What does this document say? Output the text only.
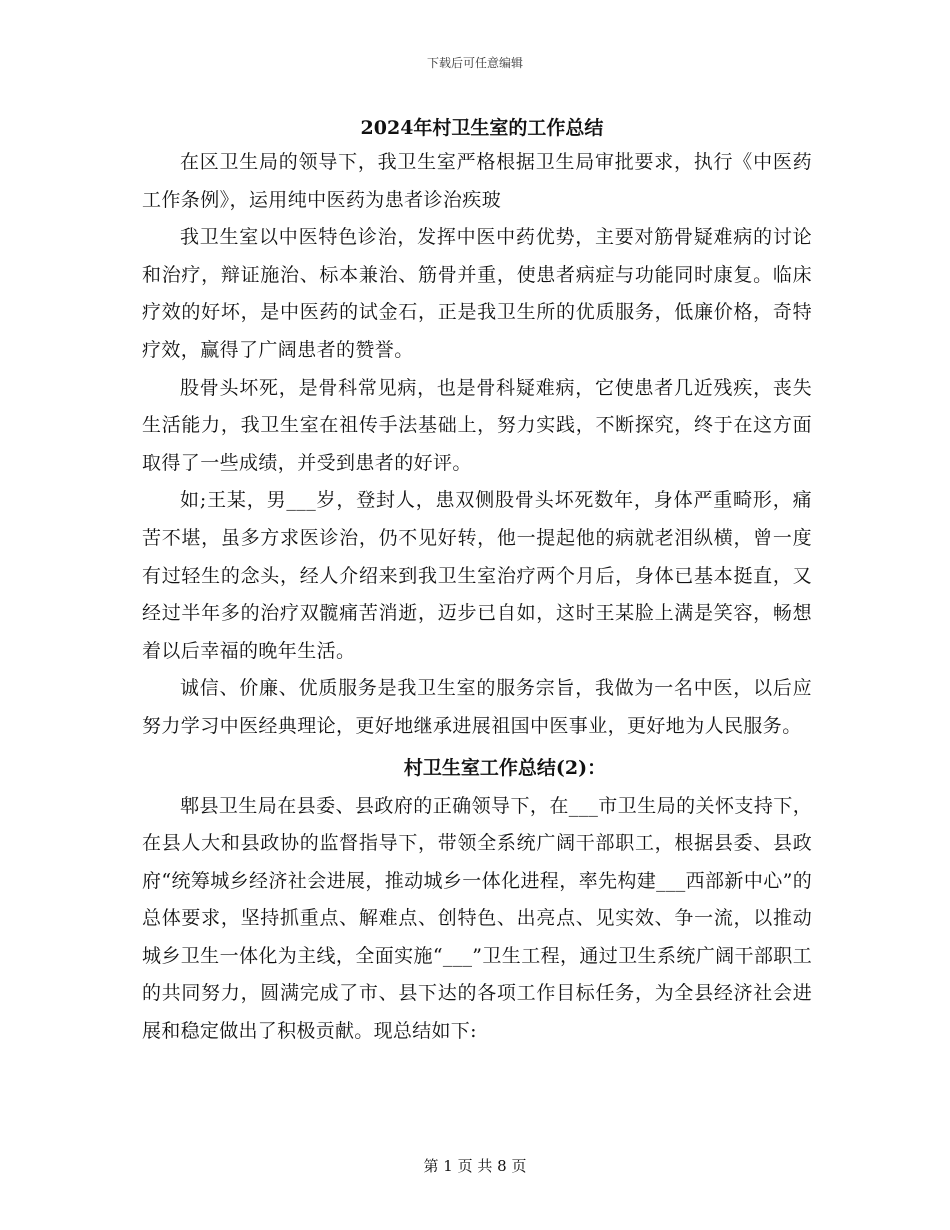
下载后可任意编辑
2024年村卫生室的工作总结

在区卫生局的领导下，我卫生室严格根据卫生局审批要求，执行《中医药工作条例》，运用纯中医药为患者诊治疾玻

我卫生室以中医特色诊治，发挥中医中药优势，主要对筋骨疑难病的讨论和治疗，辩证施治、标本兼治、筋骨并重，使患者病症与功能同时康复。临床疗效的好坏，是中医药的试金石，正是我卫生所的优质服务，低廉价格，奇特疗效，赢得了广阔患者的赞誉。

股骨头坏死，是骨科常见病，也是骨科疑难病，它使患者几近残疾，丧失生活能力，我卫生室在祖传手法基础上，努力实践，不断探究，终于在这方面取得了一些成绩，并受到患者的好评。

如;王某，男___岁，登封人，患双侧股骨头坏死数年，身体严重畸形，痛苦不堪，虽多方求医诊治，仍不见好转，他一提起他的病就老泪纵横，曾一度有过轻生的念头，经人介绍来到我卫生室治疗两个月后，身体已基本挺直，又经过半年多的治疗双髋痛苦消逝，迈步已自如，这时王某脸上满是笑容，畅想着以后幸福的晚年生活。

诚信、价廉、优质服务是我卫生室的服务宗旨，我做为一名中医，以后应努力学习中医经典理论，更好地继承进展祖国中医事业，更好地为人民服务。

村卫生室工作总结(2)：

郫县卫生局在县委、县政府的正确领导下，在___市卫生局的关怀支持下，在县人大和县政协的监督指导下，带领全系统广阔干部职工，根据县委、县政府“统筹城乡经济社会进展，推动城乡一体化进程，率先构建___西部新中心”的总体要求，坚持抓重点、解难点、创特色、出亮点、见实效、争一流，以推动城乡卫生一体化为主线，全面实施“___”卫生工程，通过卫生系统广阔干部职工的共同努力，圆满完成了市、县下达的各项工作目标任务，为全县经济社会进展和稳定做出了积极贡献。现总结如下:

第 1 页 共 8 页
